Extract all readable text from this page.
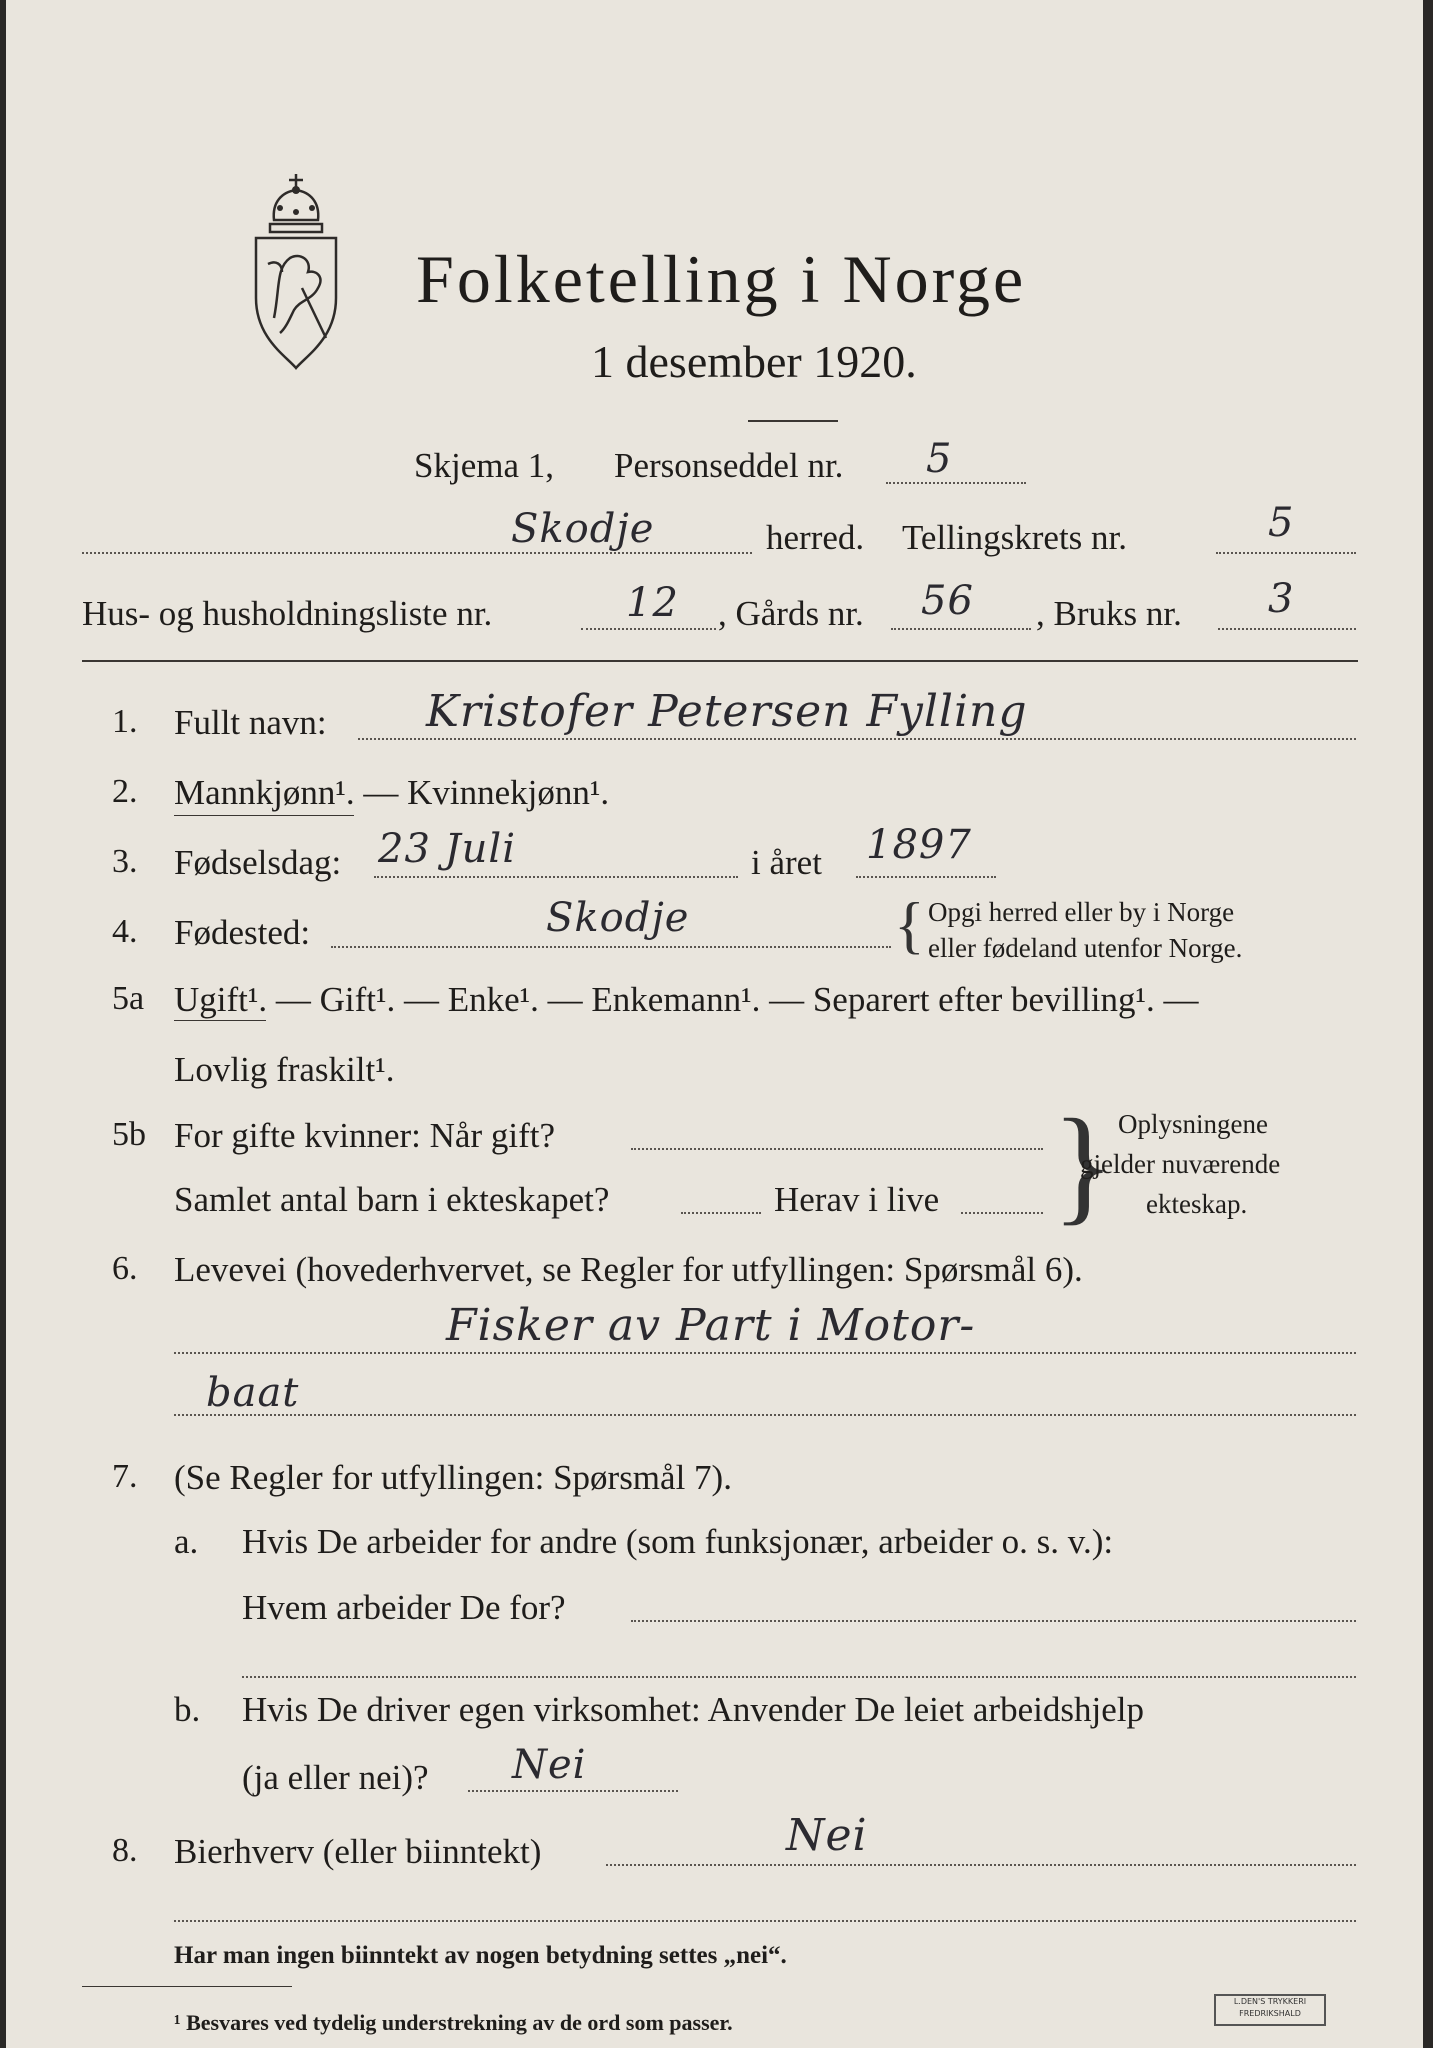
Folketelling i Norge
1 desember 1920.
Skjema 1, Personseddel nr. 5
Skodje	herred. Tellingskrets nr.	5
Hus- og husholdningsliste nr.	12 , Gårds nr. 56 , Bruks nr. 3
1. Fullt navn: Kristofer Petersen Fylling
2. Mannkjønn¹. — Kvinnekjønn¹.
3. Fødselsdag: 23 Juli	i året 1897
4. Fødested:	Skodje	{ Opgi herred eller by i Norge
eller fødeland utenfor Norge.
5a Ugift¹. — Gift¹. — Enke¹. — Enkemann¹. — Separert efter bevilling¹. —
Lovlig fraskilt¹.
5b For gifte kvinner: Når gift?
Samlet antal barn i ekteskapet?	Herav i live } Oplysningene
gjelder nuværende
ekteskap.
6. Levevei (hovederhvervet, se Regler for utfyllingen: Spørsmål 6).
Fisker av Part i Motor-
baat
7. (Se Regler for utfyllingen: Spørsmål 7).
a. Hvis De arbeider for andre (som funksjonær, arbeider o. s. v.):
Hvem arbeider De for?
b. Hvis De driver egen virksomhet: Anvender De leiet arbeidshjelp
(ja eller nei)? Nei
8. Bierhverv (eller biinntekt)	Nei
Har man ingen biinntekt av nogen betydning settes „nei“.
¹ Besvares ved tydelig understrekning av de ord som passer.
L.DEN'S TRYKKERI
FREDRIKSHALD
